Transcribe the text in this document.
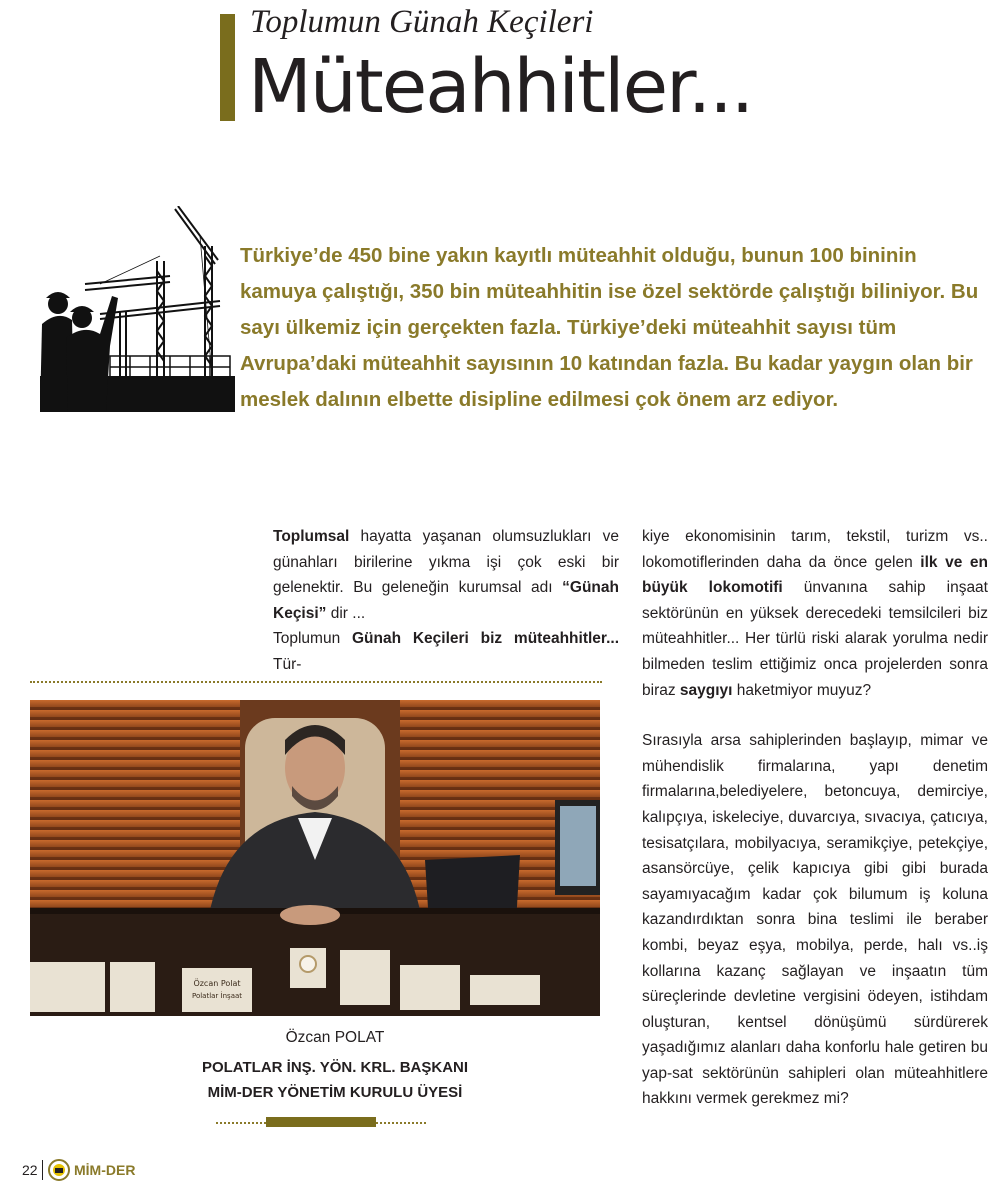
Toplumun Günah Keçileri
Müteahhitler...
Türkiye’de 450 bine yakın kayıtlı müteahhit olduğu, bunun 100 bininin kamuya çalıştığı, 350 bin müteahhitin ise özel sektörde çalıştığı biliniyor. Bu sayı ülkemiz için gerçekten fazla. Türkiye’deki müteahhit sayısı tüm Avrupa’daki müteahhit sayısının 10 katından fazla. Bu kadar yaygın olan bir meslek dalının elbette disipline edilmesi çok önem arz ediyor.

Toplumsal hayatta yaşanan olumsuzlukları ve günahları birilerine yıkma işi çok eski bir gelenektir. Bu geleneğin kurumsal adı “Günah Keçisi” dir ...

Toplumun Günah Keçileri biz müteahhitler... Tür-

Özcan Polat
Polatlar İnşaat
Özcan POLAT
POLATLAR İNŞ. YÖN. KRL. BAŞKANI
MİM-DER YÖNETİM KURULU ÜYESİ

kiye ekonomisinin tarım, tekstil, turizm vs.. lokomotiflerinden daha da önce gelen ilk ve en büyük lokomotifi ünvanına sahip inşaat sektörünün en yüksek derecedeki temsilcileri biz müteahhitler... Her türlü riski alarak yorulma nedir bilmeden teslim ettiğimiz onca projelerden sonra biraz saygıyı haketmiyor muyuz?

Sırasıyla arsa sahiplerinden başlayıp, mimar ve mühendislik firmalarına, yapı denetim firmalarına,belediyelere, betoncuya, demirciye, kalıpçıya, iskeleciye, duvarcıya, sıvacıya, çatıcıya, tesisatçılara, mobilyacıya, seramikçiye, petekçiye, asansörcüye, çelik kapıcıya gibi gibi burada sayamıyacağım kadar çok bilumum iş koluna kazandırdıktan sonra bina teslimi ile beraber kombi, beyaz eşya, mobilya, perde, halı vs..iş kollarına kazanç sağlayan ve inşaatın tüm süreçlerinde devletine vergisini ödeyen, istihdam oluşturan, kentsel dönüşümü sürdürerek yaşadığımız alanları daha konforlu hale getiren bu yap-sat sektörünün sahipleri olan müteahhitlere hakkını vermek gerekmez mi?

22	MİM-DER
